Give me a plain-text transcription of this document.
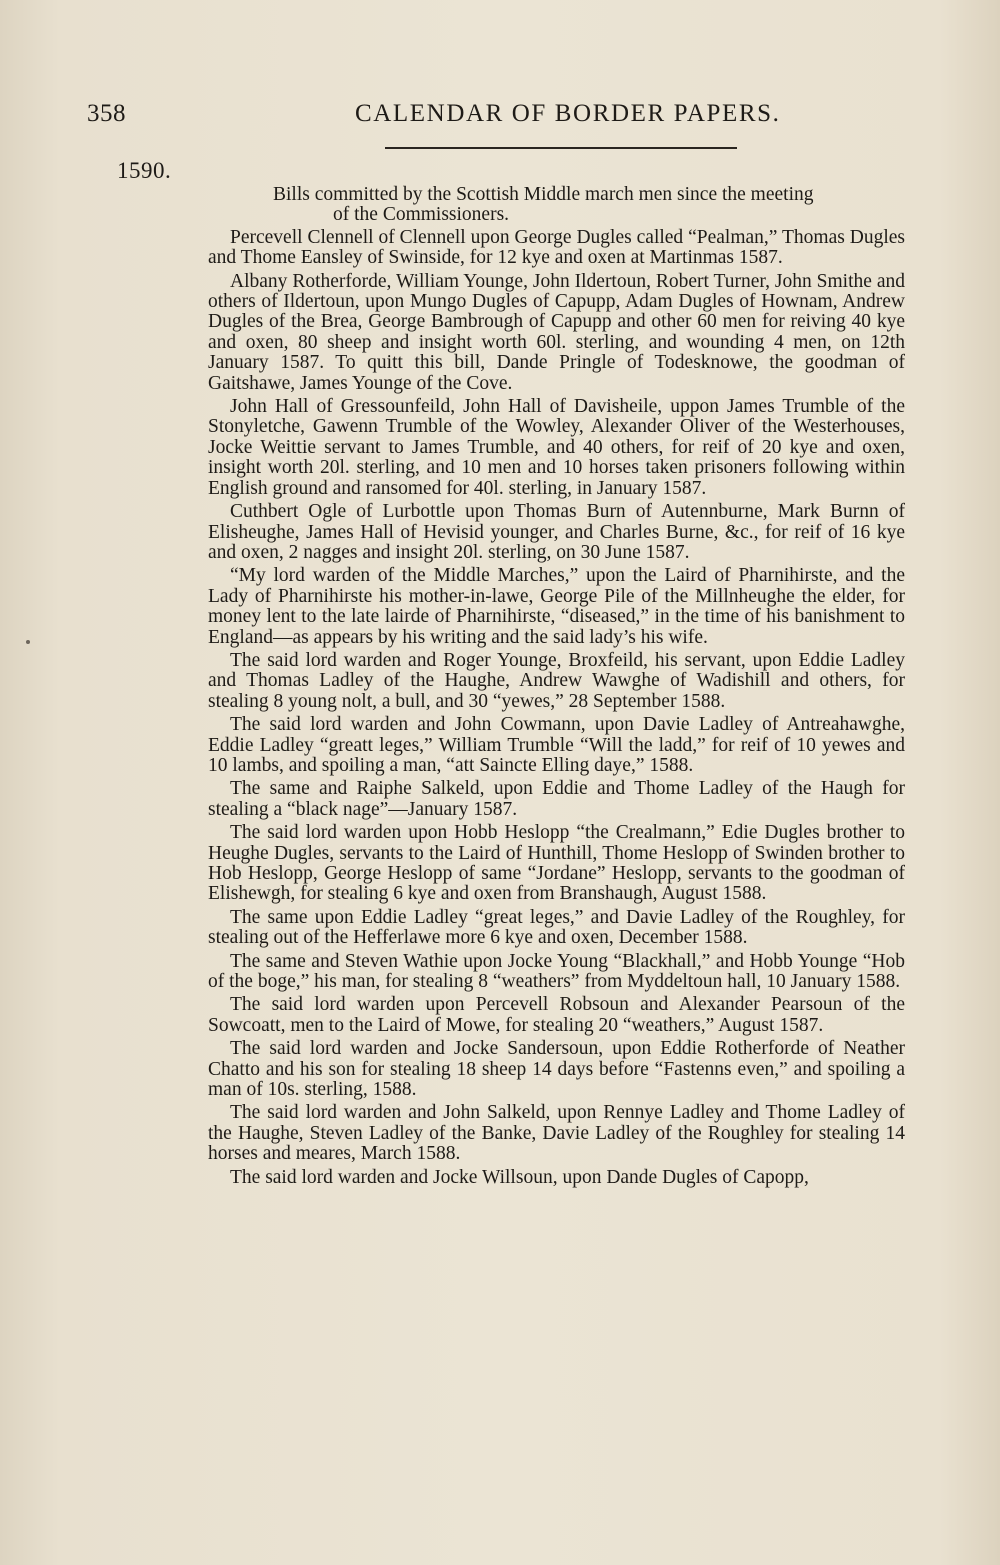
358	CALENDAR OF BORDER PAPERS.
1590.

Bills committed by the Scottish Middle march men since the meeting
of the Commissioners.

Percevell Clennell of Clennell upon George Dugles called “Pealman,” Thomas Dugles and Thome Eansley of Swinside, for 12 kye and oxen at Martinmas 1587.

Albany Rotherforde, William Younge, John Ildertoun, Robert Turner, John Smithe and others of Ildertoun, upon Mungo Dugles of Capupp, Adam Dugles of Hownam, Andrew Dugles of the Brea, George Bambrough of Capupp and other 60 men for reiving 40 kye and oxen, 80 sheep and insight worth 60l. sterling, and wounding 4 men, on 12th January 1587. To quitt this bill, Dande Pringle of Todesknowe, the goodman of Gaitshawe, James Younge of the Cove.

John Hall of Gressounfeild, John Hall of Davisheile, uppon James Trumble of the Stonyletche, Gawenn Trumble of the Wowley, Alexander Oliver of the Westerhouses, Jocke Weittie servant to James Trumble, and 40 others, for reif of 20 kye and oxen, insight worth 20l. sterling, and 10 men and 10 horses taken prisoners following within English ground and ransomed for 40l. sterling, in January 1587.

Cuthbert Ogle of Lurbottle upon Thomas Burn of Autennburne, Mark Burnn of Elisheughe, James Hall of Hevisid younger, and Charles Burne, &c., for reif of 16 kye and oxen, 2 nagges and insight 20l. sterling, on 30 June 1587.

“My lord warden of the Middle Marches,” upon the Laird of Pharnihirste, and the Lady of Pharnihirste his mother-in-lawe, George Pile of the Millnheughe the elder, for money lent to the late lairde of Pharnihirste, “diseased,” in the time of his banishment to England—as appears by his writing and the said lady’s his wife.

The said lord warden and Roger Younge, Broxfeild, his servant, upon Eddie Ladley and Thomas Ladley of the Haughe, Andrew Wawghe of Wadishill and others, for stealing 8 young nolt, a bull, and 30 “yewes,” 28 September 1588.

The said lord warden and John Cowmann, upon Davie Ladley of Antreahawghe, Eddie Ladley “greatt leges,” William Trumble “Will the ladd,” for reif of 10 yewes and 10 lambs, and spoiling a man, “att Saincte Elling daye,” 1588.

The same and Raiphe Salkeld, upon Eddie and Thome Ladley of the Haugh for stealing a “black nage”—January 1587.

The said lord warden upon Hobb Heslopp “the Crealmann,” Edie Dugles brother to Heughe Dugles, servants to the Laird of Hunthill, Thome Heslopp of Swinden brother to Hob Heslopp, George Heslopp of same “Jordane” Heslopp, servants to the goodman of Elishewgh, for stealing 6 kye and oxen from Branshaugh, August 1588.

The same upon Eddie Ladley “great leges,” and Davie Ladley of the Roughley, for stealing out of the Hefferlawe more 6 kye and oxen, December 1588.

The same and Steven Wathie upon Jocke Young “Blackhall,” and Hobb Younge “Hob of the boge,” his man, for stealing 8 “weathers” from Myddeltoun hall, 10 January 1588.

The said lord warden upon Percevell Robsoun and Alexander Pearsoun of the Sowcoatt, men to the Laird of Mowe, for stealing 20 “weathers,” August 1587.

The said lord warden and Jocke Sandersoun, upon Eddie Rotherforde of Neather Chatto and his son for stealing 18 sheep 14 days before “Fastenns even,” and spoiling a man of 10s. sterling, 1588.

The said lord warden and John Salkeld, upon Rennye Ladley and Thome Ladley of the Haughe, Steven Ladley of the Banke, Davie Ladley of the Roughley for stealing 14 horses and meares, March 1588.

The said lord warden and Jocke Willsoun, upon Dande Dugles of Capopp,
